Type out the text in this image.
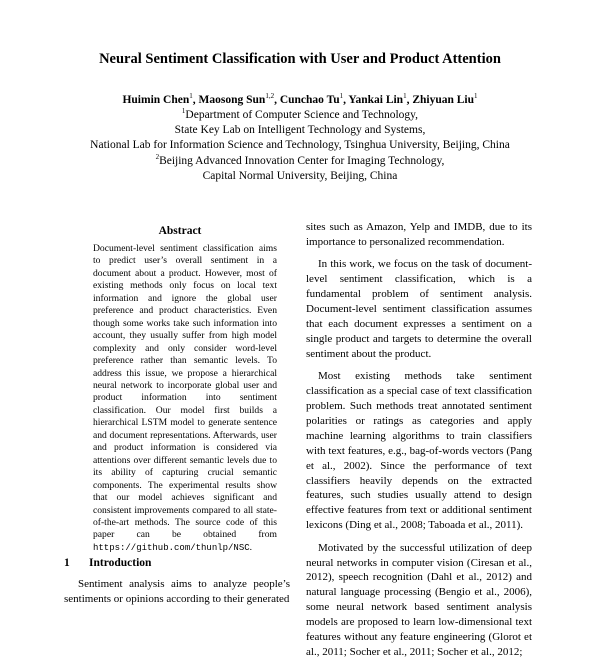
Neural Sentiment Classification with User and Product Attention
Huimin Chen$^1$, Maosong Sun$^{1,2}$, Cunchao Tu$^1$, Yankai Lin$^1$, Zhiyuan Liu$^1$
$^1$Department of Computer Science and Technology,
State Key Lab on Intelligent Technology and Systems,
National Lab for Information Science and Technology, Tsinghua University, Beijing, China
$^2$Beijing Advanced Innovation Center for Imaging Technology,
Capital Normal University, Beijing, China
Abstract
Document-level sentiment classification aims to predict user’s overall sentiment in a document about a product. However, most of existing methods only focus on local text information and ignore the global user preference and product characteristics. Even though some works take such information into account, they usually suffer from high model complexity and only consider word-level preference rather than semantic levels. To address this issue, we propose a hierarchical neural network to incorporate global user and product information into sentiment classification. Our model first builds a hierarchical LSTM model to generate sentence and document representations. Afterwards, user and product information is considered via attentions over different semantic levels due to its ability of capturing crucial semantic components. The experimental results show that our model achieves significant and consistent improvements compared to all state-of-the-art methods. The source code of this paper can be obtained from https://github.com/thunlp/NSC.
1 Introduction
Sentiment analysis aims to analyze people’s sentiments or opinions according to their generated

sites such as Amazon, Yelp and IMDB, due to its importance to personalized recommendation.

In this work, we focus on the task of document-level sentiment classification, which is a fundamental problem of sentiment analysis. Document-level sentiment classification assumes that each document expresses a sentiment on a single product and targets to determine the overall sentiment about the product.

Most existing methods take sentiment classification as a special case of text classification problem. Such methods treat annotated sentiment polarities or ratings as categories and apply machine learning algorithms to train classifiers with text features, e.g., bag-of-words vectors (Pang et al., 2002). Since the performance of text classifiers heavily depends on the extracted features, such studies usually attend to design effective features from text or additional sentiment lexicons (Ding et al., 2008; Taboada et al., 2011).

Motivated by the successful utilization of deep neural networks in computer vision (Ciresan et al., 2012), speech recognition (Dahl et al., 2012) and natural language processing (Bengio et al., 2006), some neural network based sentiment analysis models are proposed to learn low-dimensional text features without any feature engineering (Glorot et al., 2011; Socher et al., 2011; Socher et al., 2012;
